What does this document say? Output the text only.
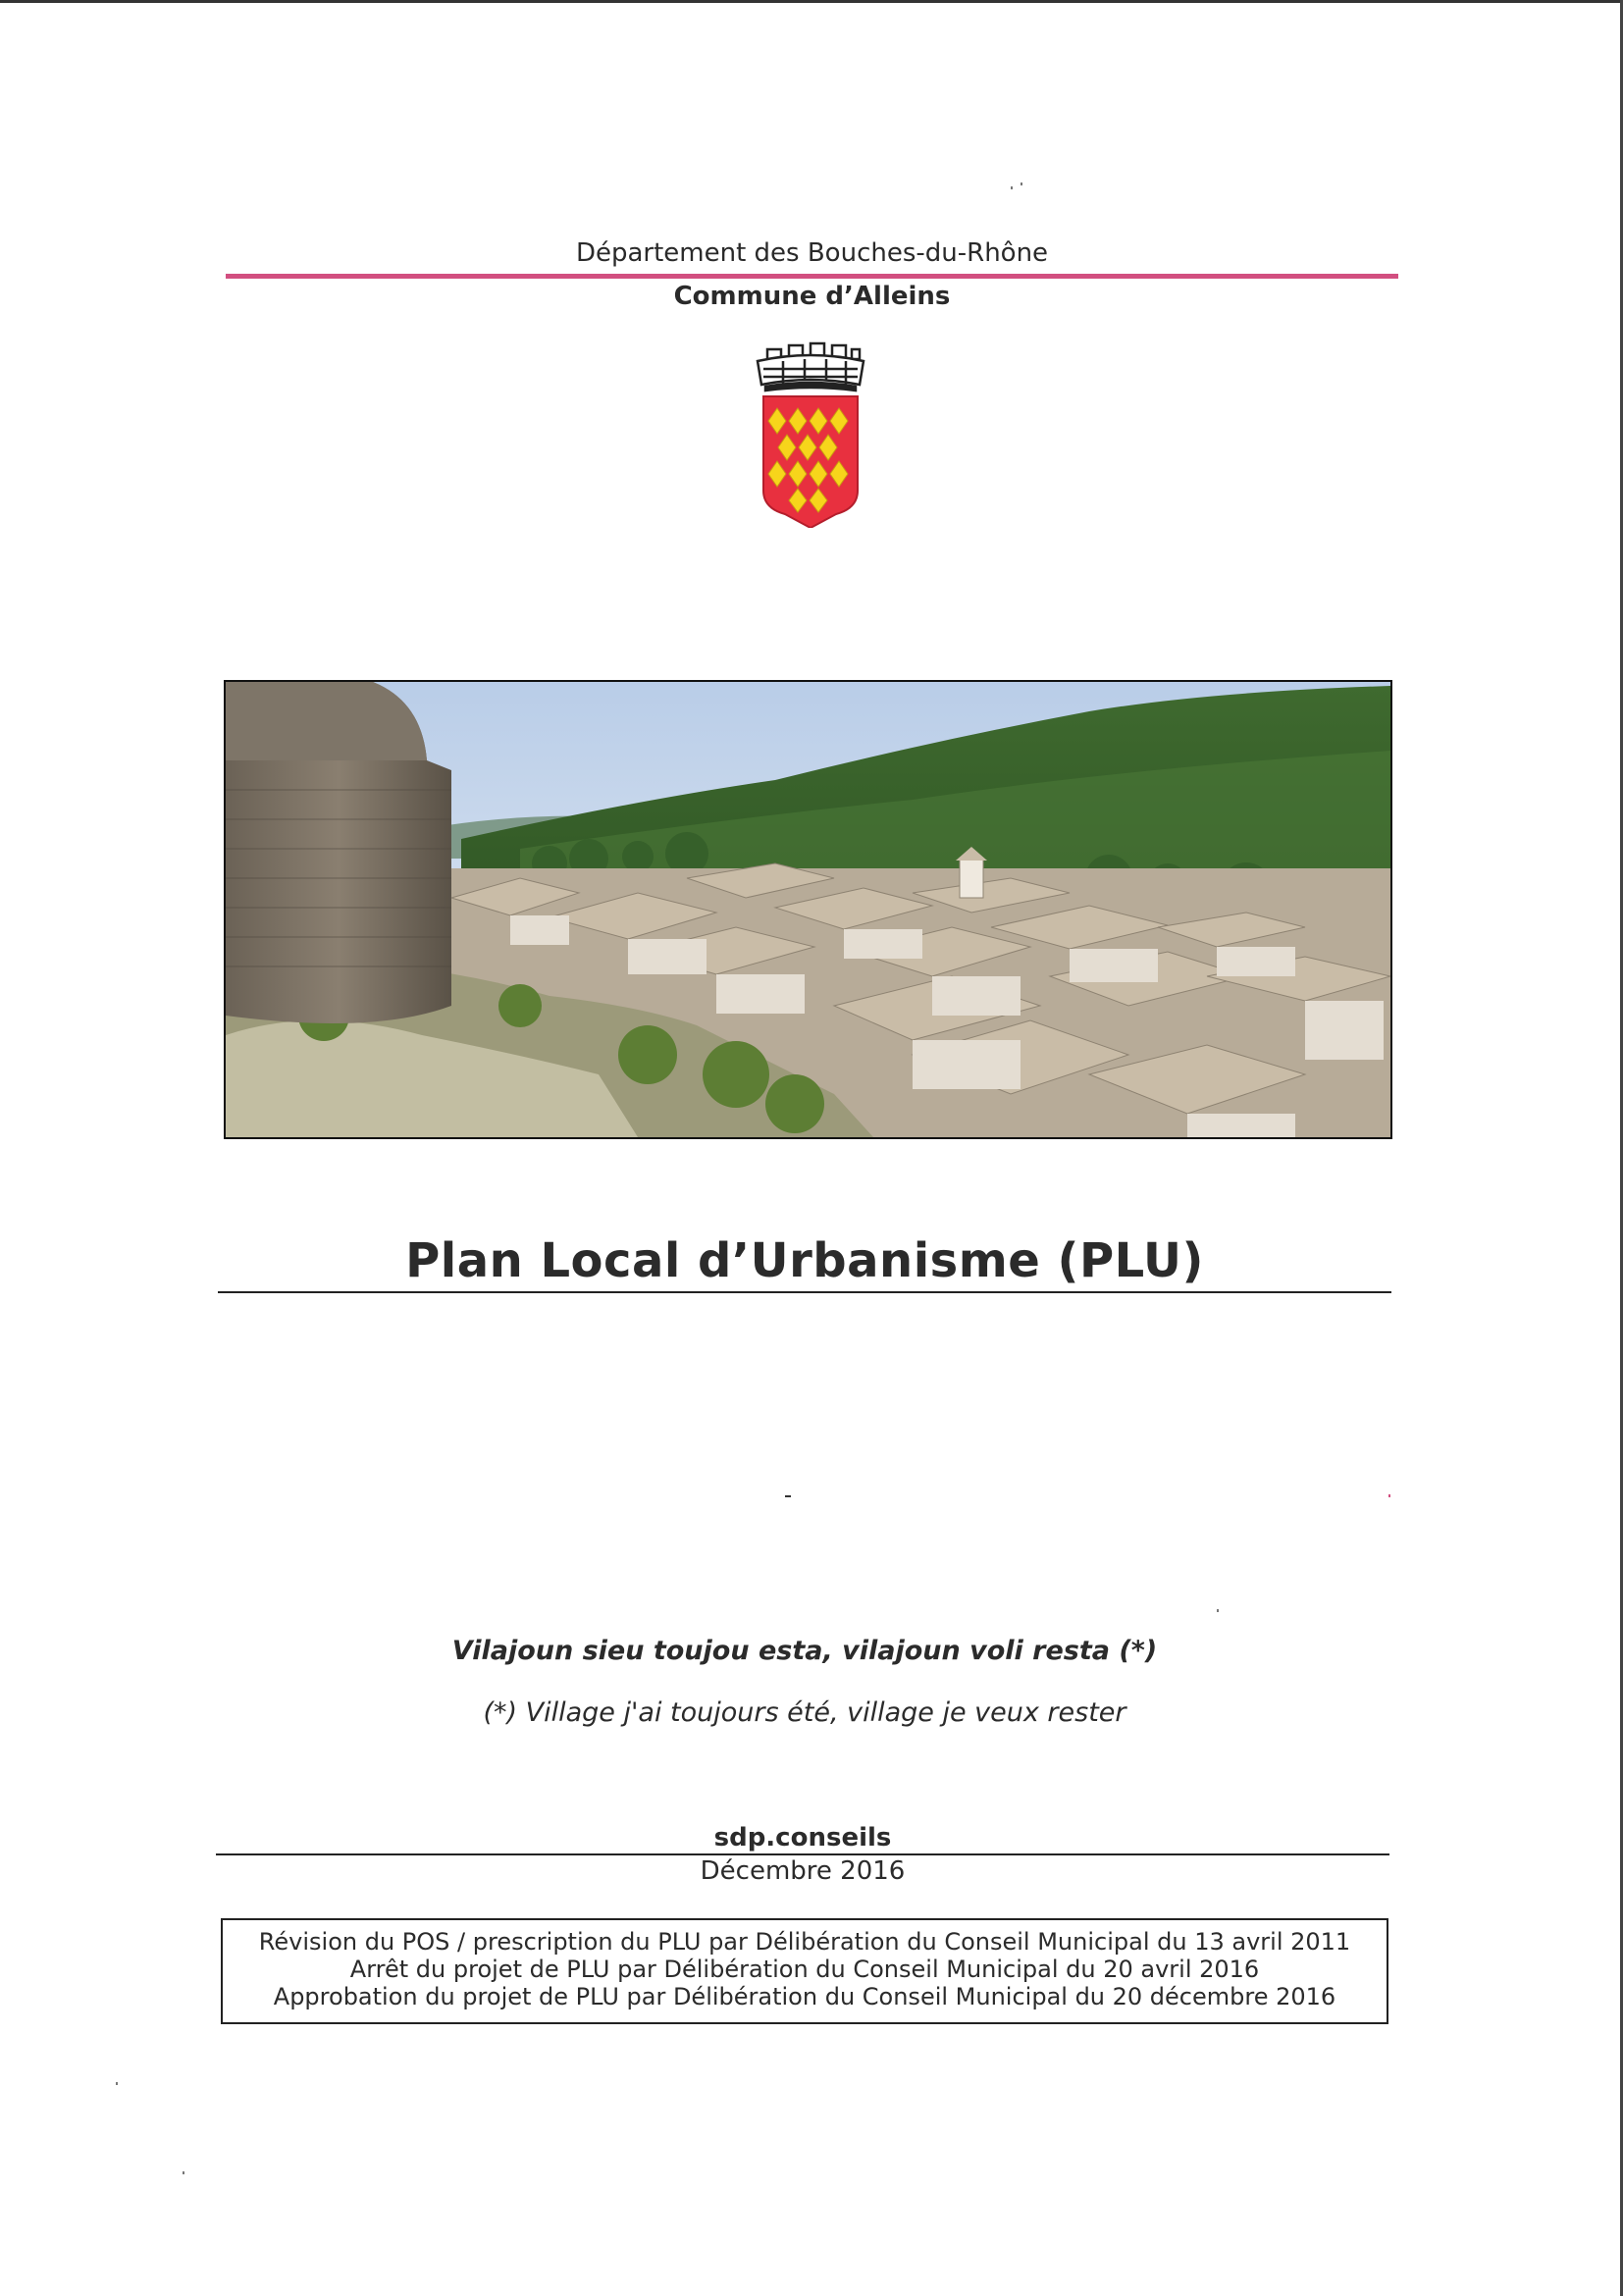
Département des Bouches-du-Rhône
Commune d’Alleins
Plan Local d’Urbanisme (PLU)
Vilajoun sieu toujou esta, vilajoun voli resta (*)
(*) Village j'ai toujours été, village je veux rester
sdp.conseils
Décembre 2016
Révision du POS / prescription du PLU par Délibération du Conseil Municipal du 13 avril 2011
Arrêt du projet de PLU par Délibération du Conseil Municipal du 20 avril 2016
Approbation du projet de PLU par Délibération du Conseil Municipal du 20 décembre 2016
